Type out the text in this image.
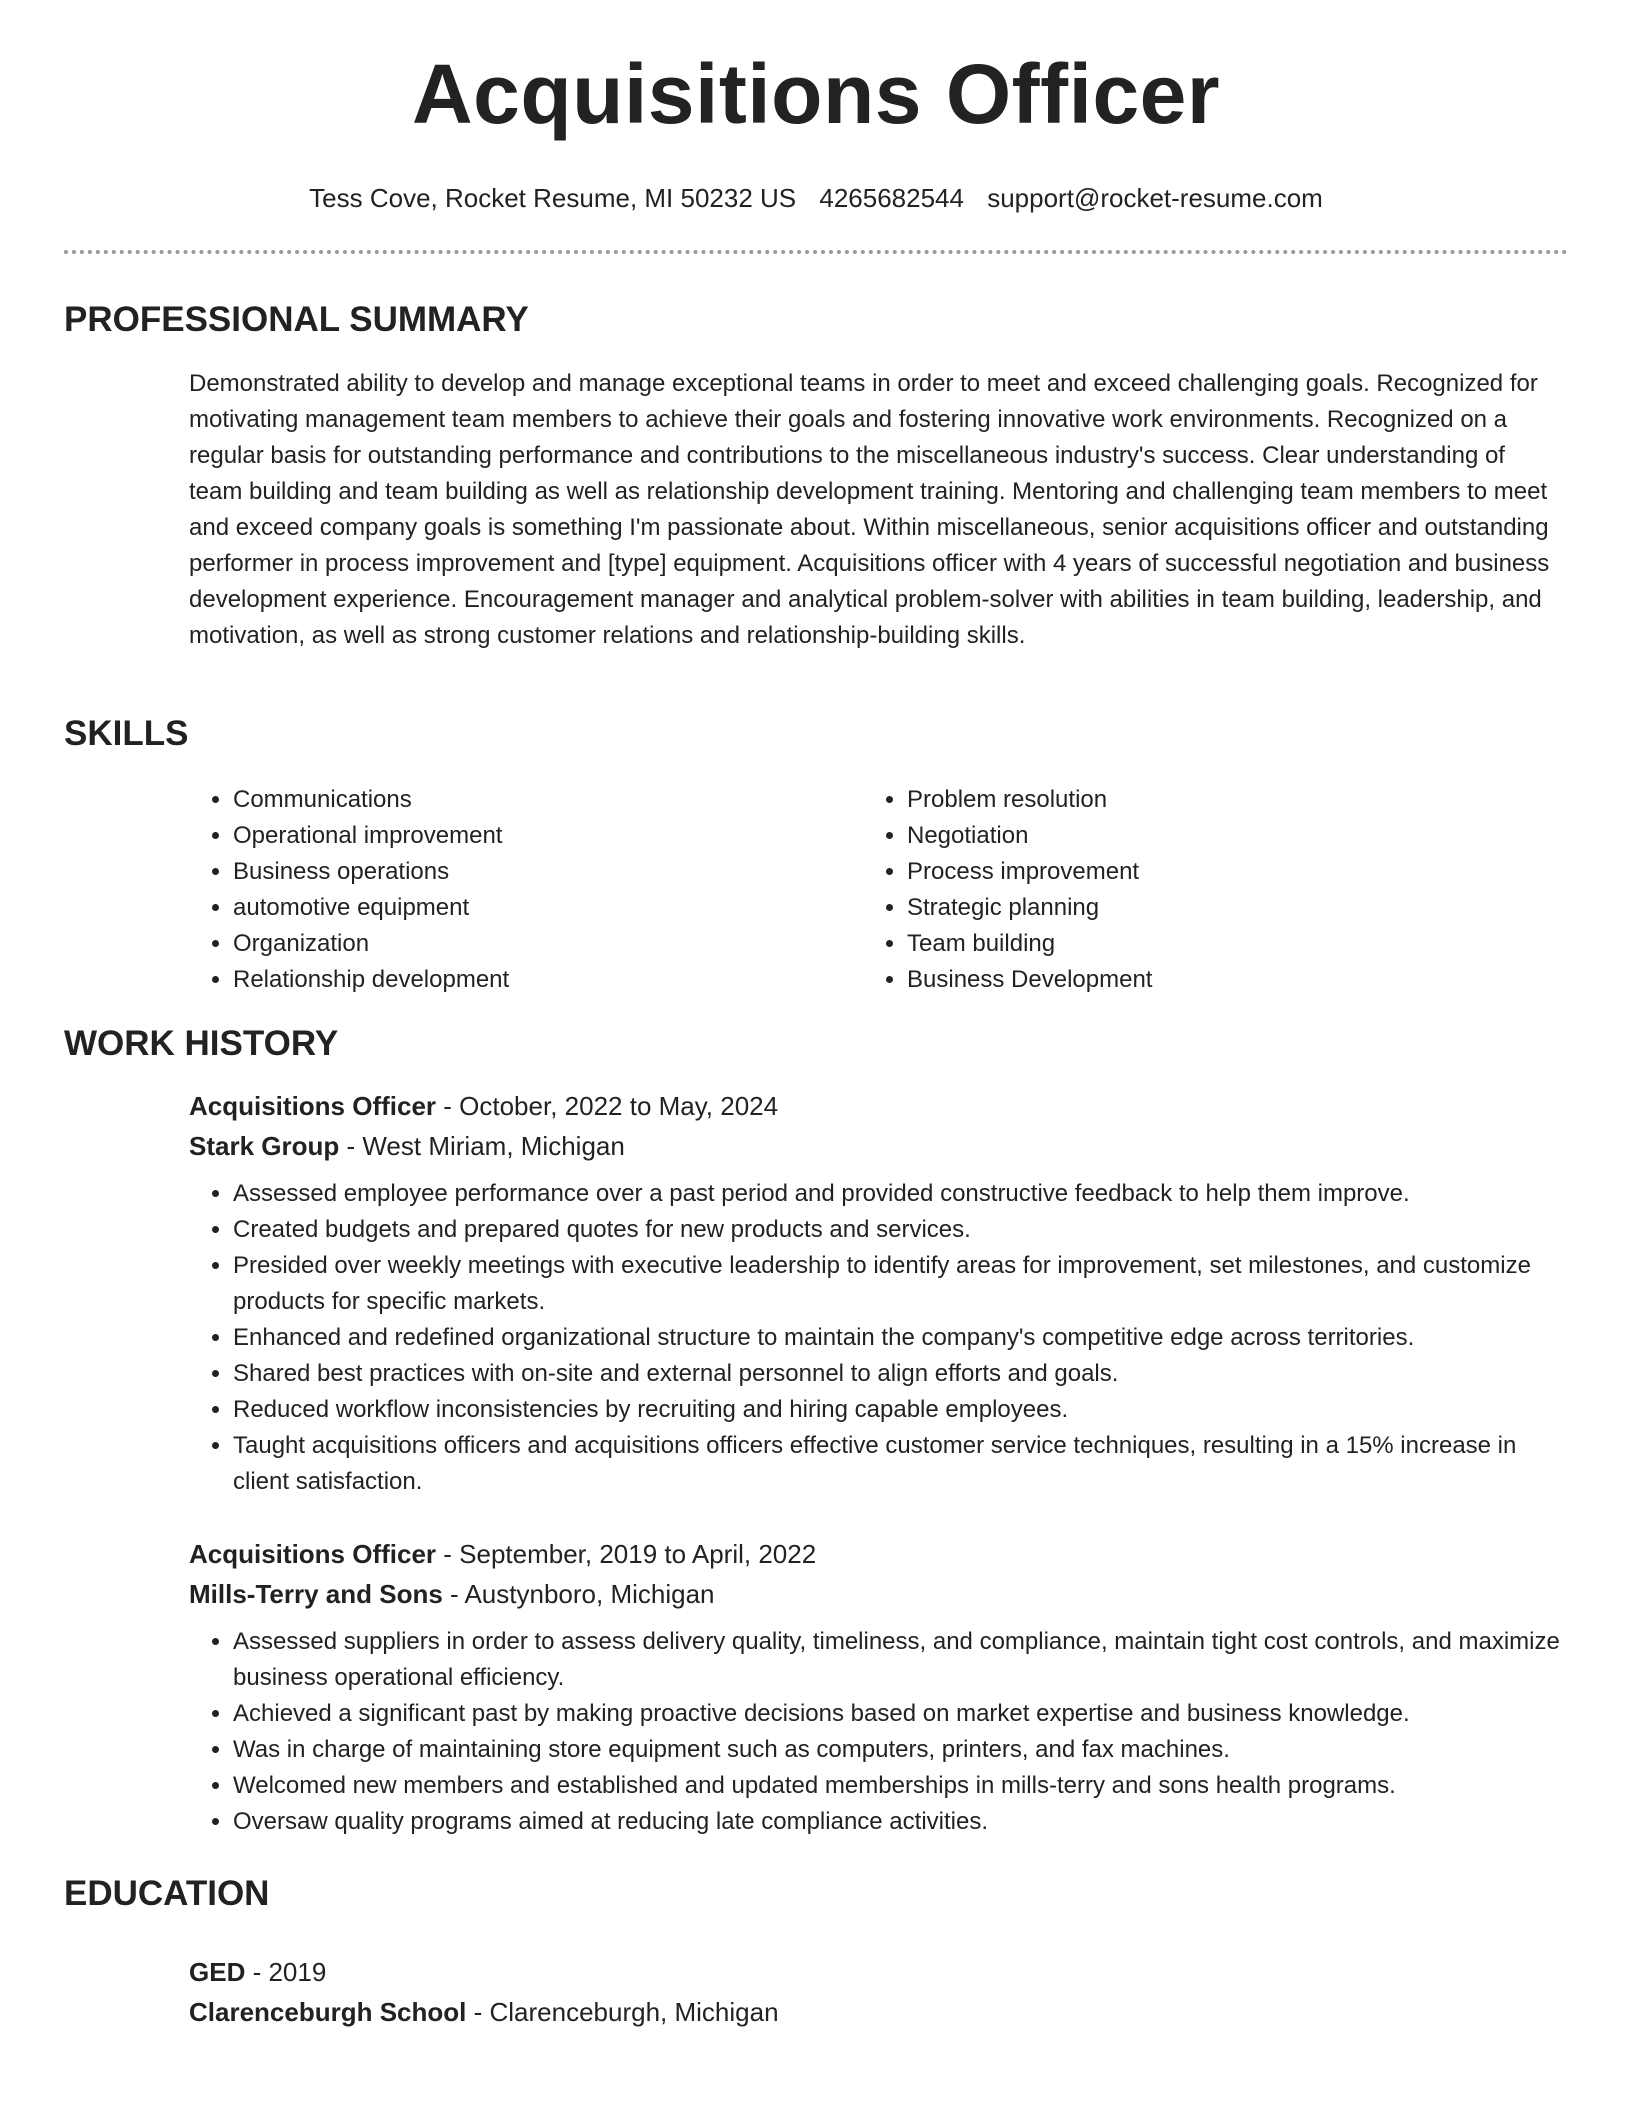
Acquisitions Officer
Tess Cove, Rocket Resume, MI 50232 US 4265682544 support@rocket-resume.com
PROFESSIONAL SUMMARY
Demonstrated ability to develop and manage exceptional teams in order to meet and exceed challenging goals. Recognized for motivating management team members to achieve their goals and fostering innovative work environments. Recognized on a regular basis for outstanding performance and contributions to the miscellaneous industry's success. Clear understanding of team building and team building as well as relationship development training. Mentoring and challenging team members to meet and exceed company goals is something I'm passionate about. Within miscellaneous, senior acquisitions officer and outstanding performer in process improvement and [type] equipment. Acquisitions officer with 4 years of successful negotiation and business development experience. Encouragement manager and analytical problem-solver with abilities in team building, leadership, and motivation, as well as strong customer relations and relationship-building skills.
SKILLS
• Communications
• Operational improvement
• Business operations
• automotive equipment
• Organization
• Relationship development
• Problem resolution
• Negotiation
• Process improvement
• Strategic planning
• Team building
• Business Development
WORK HISTORY
Acquisitions Officer - October, 2022 to May, 2024
Stark Group - West Miriam, Michigan
• Assessed employee performance over a past period and provided constructive feedback to help them improve.
• Created budgets and prepared quotes for new products and services.
• Presided over weekly meetings with executive leadership to identify areas for improvement, set milestones, and customize products for specific markets.
• Enhanced and redefined organizational structure to maintain the company's competitive edge across territories.
• Shared best practices with on-site and external personnel to align efforts and goals.
• Reduced workflow inconsistencies by recruiting and hiring capable employees.
• Taught acquisitions officers and acquisitions officers effective customer service techniques, resulting in a 15% increase in client satisfaction.
Acquisitions Officer - September, 2019 to April, 2022
Mills-Terry and Sons - Austynboro, Michigan
• Assessed suppliers in order to assess delivery quality, timeliness, and compliance, maintain tight cost controls, and maximize business operational efficiency.
• Achieved a significant past by making proactive decisions based on market expertise and business knowledge.
• Was in charge of maintaining store equipment such as computers, printers, and fax machines.
• Welcomed new members and established and updated memberships in mills-terry and sons health programs.
• Oversaw quality programs aimed at reducing late compliance activities.
EDUCATION
GED - 2019
Clarenceburgh School - Clarenceburgh, Michigan
